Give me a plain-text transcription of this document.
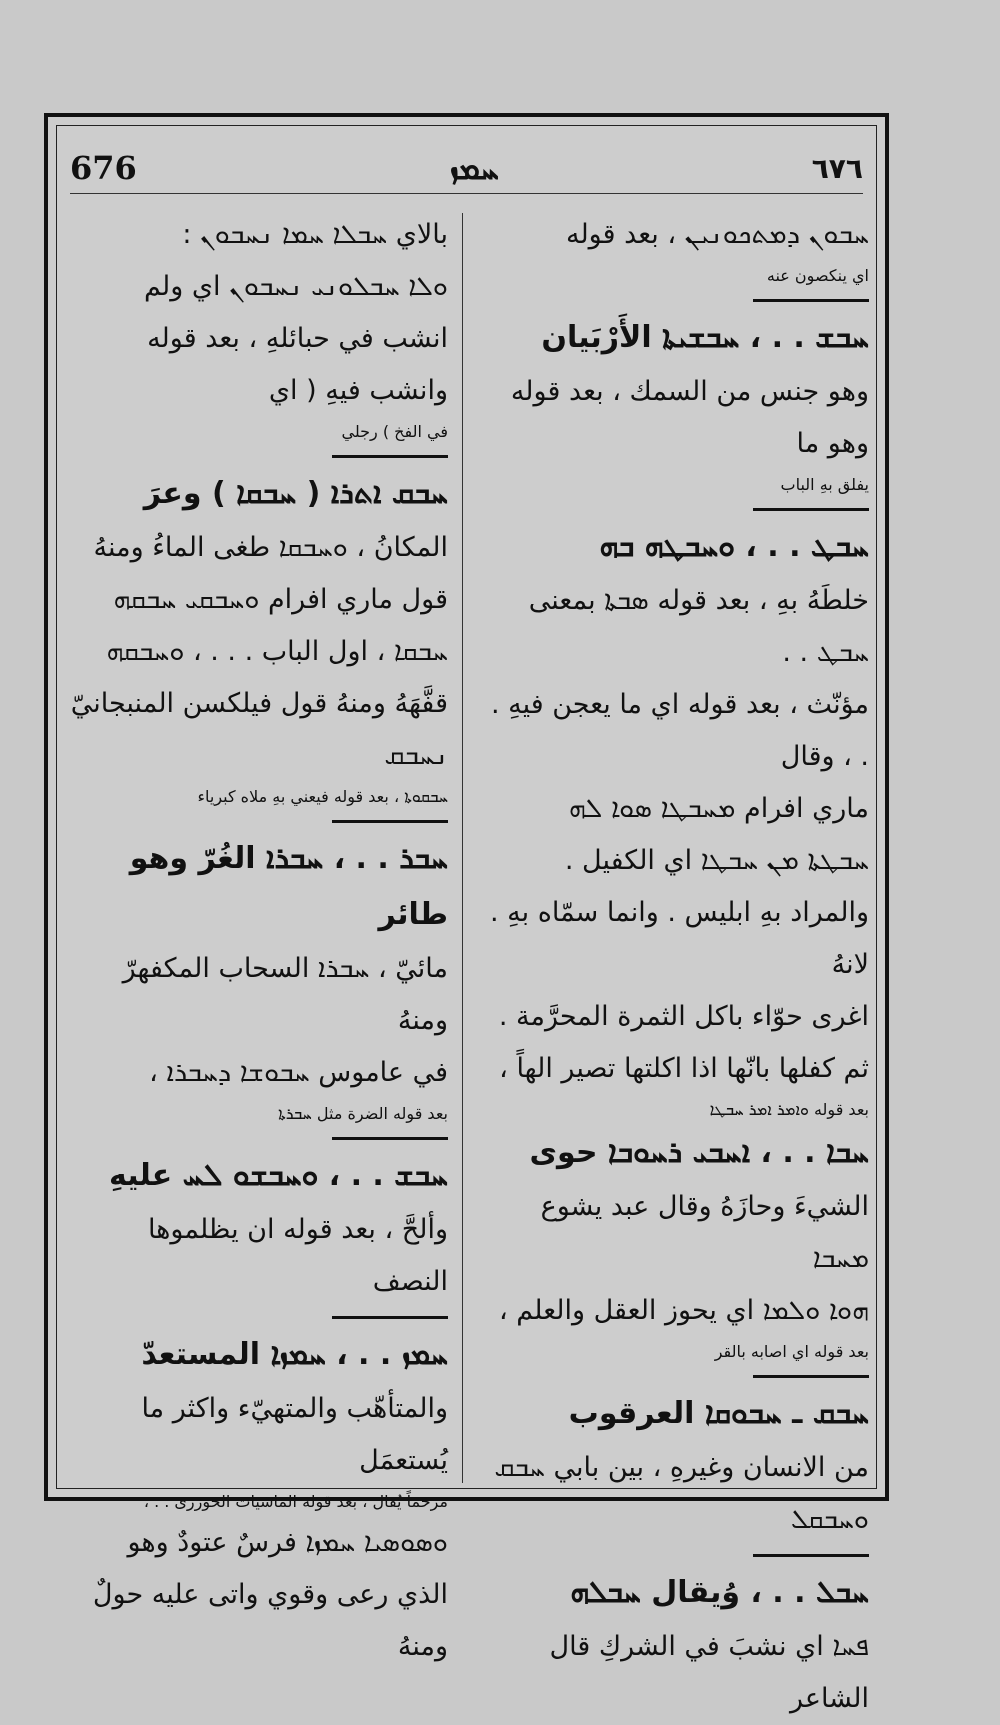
676	ܚܡܙ	٦٧٦

ܚܒܘܢ ܕܡܬܟܘܢܝܢ ، بعد قوله

اي ينكصون عنه

ܚܒܫ . . ، ܚܒܫܝܬܐ الأَرْبَيان

وهو جنس من السمك ، بعد قوله وهو ما

يفلق بهِ الباب

ܚܒܛ . . ، ܘܚܒܛܗ ܒܗ

خلطَهُ بهِ ، بعد قوله ܣܒܬܐ بمعنى ܚܒܛ . .

مؤنّث ، بعد قوله اي ما يعجن فيهِ . . ، وقال

ماري افرام ܡܚܒܛܐ ܣܘܐ ܠܗ

ܚܒܛܬܐ ܡܢ ܚܒܛܐ اي الكفيل .

والمراد بهِ ابليس . وانما سمّاه بهِ . لانهُ

اغرى حوّاء باكل الثمرة المحرَّمة .

ثم كفلها بانّها اذا اكلتها تصير الهاً ،

بعد قوله ܘܐܡܪ ܐܡܪ ܚܒܛܐ

ܚܒܐ . . ، ܐܚܒܝ ܪܚܘܒܐ حوى

الشيءَ وحازَهُ وقال عبد يشوع ܡܚܒܐ

ܗܘܐ ܘܠܡܐ اي يحوز العقل والعلم ،

بعد قوله اي اصابه بالقر

ܚܒܩ ـ ܚܒܘܩܐ العرقوب

من الانسان وغيرهِ ، بين بابي ܚܒܩ ܘܚܒܩܠ

ܚܒܠ . . ، وُيقال ܚܒܠܗ

ܦܚܐ اي نشبَ في الشركِ قال الشاعر

بالاي ܚܒܠܐ ܚܡܐ ܢܚܒܘܢ :

ܘܠܐ ܚܒܠܘܢܝ ܢܚܒܘܢ اي ولم

انشب في حبائلهِ ، بعد قوله وانشب فيهِ ( اي

في الفخ ) رجلي

ܚܒܩ ܐܬܪܐ ( ܚܒܩܐ ) وعرَ

المكانُ ، ܘܚܒܩܐ طغى الماءُ ومنهُ

قول ماري افرام ܘܚܒܩܝ ܚܒܩܗ

ܚܒܩܐ ، اول الباب . . . ، ܘܚܒܩܗ

قفَّهَهُ ومنهُ قول فيلكسن المنبجانيّ ܢܚܒܩ

ܚܒܩܘܬܐ ، بعد قوله فيعني بهِ ملاه كبرياء

ܚܒܪ . . ، ܚܒܪܐ الغُرّ وهو طائر

مائيّ ، ܚܒܪܐ السحاب المكفهرّ ومنهُ

في عاموس ܚܒܘܫܐ ܕܚܒܪܐ ،

بعد قوله الضرة مثل ܚܒܪܬܐ

ܚܒܫ . . ، ܘܚܒܫܘ ܠܚ عليهِ

وألحَّ ، بعد قوله ان يظلموها النصف

ܚܡܙ . . ، ܚܡܙܐ المستعدّ

والمتأهّب والمتهيّء واكثر ما يُستعمَل

مرخماً يُقال ، بعد قوله الماشيات الحوزرى . . ،

ܘܣܘܣܝܐ ܚܡܙܐ فرسٌ عتودٌ وهو

الذي رعى وقوي واتى عليه حولٌ ومنهُ
